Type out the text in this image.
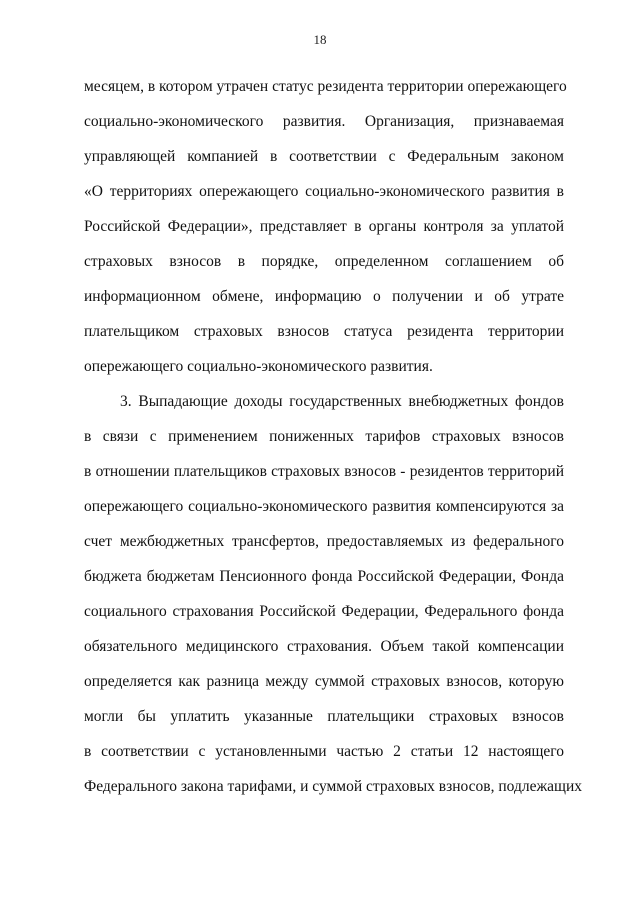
18
месяцем, в котором утрачен статус резидента территории опережающего
социально-экономического развития. Организация, признаваемая
управляющей компанией в соответствии с Федеральным законом
«О территориях опережающего социально-экономического развития в
Российской Федерации», представляет в органы контроля за уплатой
страховых взносов в порядке, определенном соглашением об
информационном обмене, информацию о получении и об утрате
плательщиком страховых взносов статуса резидента территории
опережающего социально-экономического развития.
3. Выпадающие доходы государственных внебюджетных фондов
в связи с применением пониженных тарифов страховых взносов
в отношении плательщиков страховых взносов - резидентов территорий
опережающего социально-экономического развития компенсируются за
счет межбюджетных трансфертов, предоставляемых из федерального
бюджета бюджетам Пенсионного фонда Российской Федерации, Фонда
социального страхования Российской Федерации, Федерального фонда
обязательного медицинского страхования. Объем такой компенсации
определяется как разница между суммой страховых взносов, которую
могли бы уплатить указанные плательщики страховых взносов
в соответствии с установленными частью 2 статьи 12 настоящего
Федерального закона тарифами, и суммой страховых взносов, подлежащих
